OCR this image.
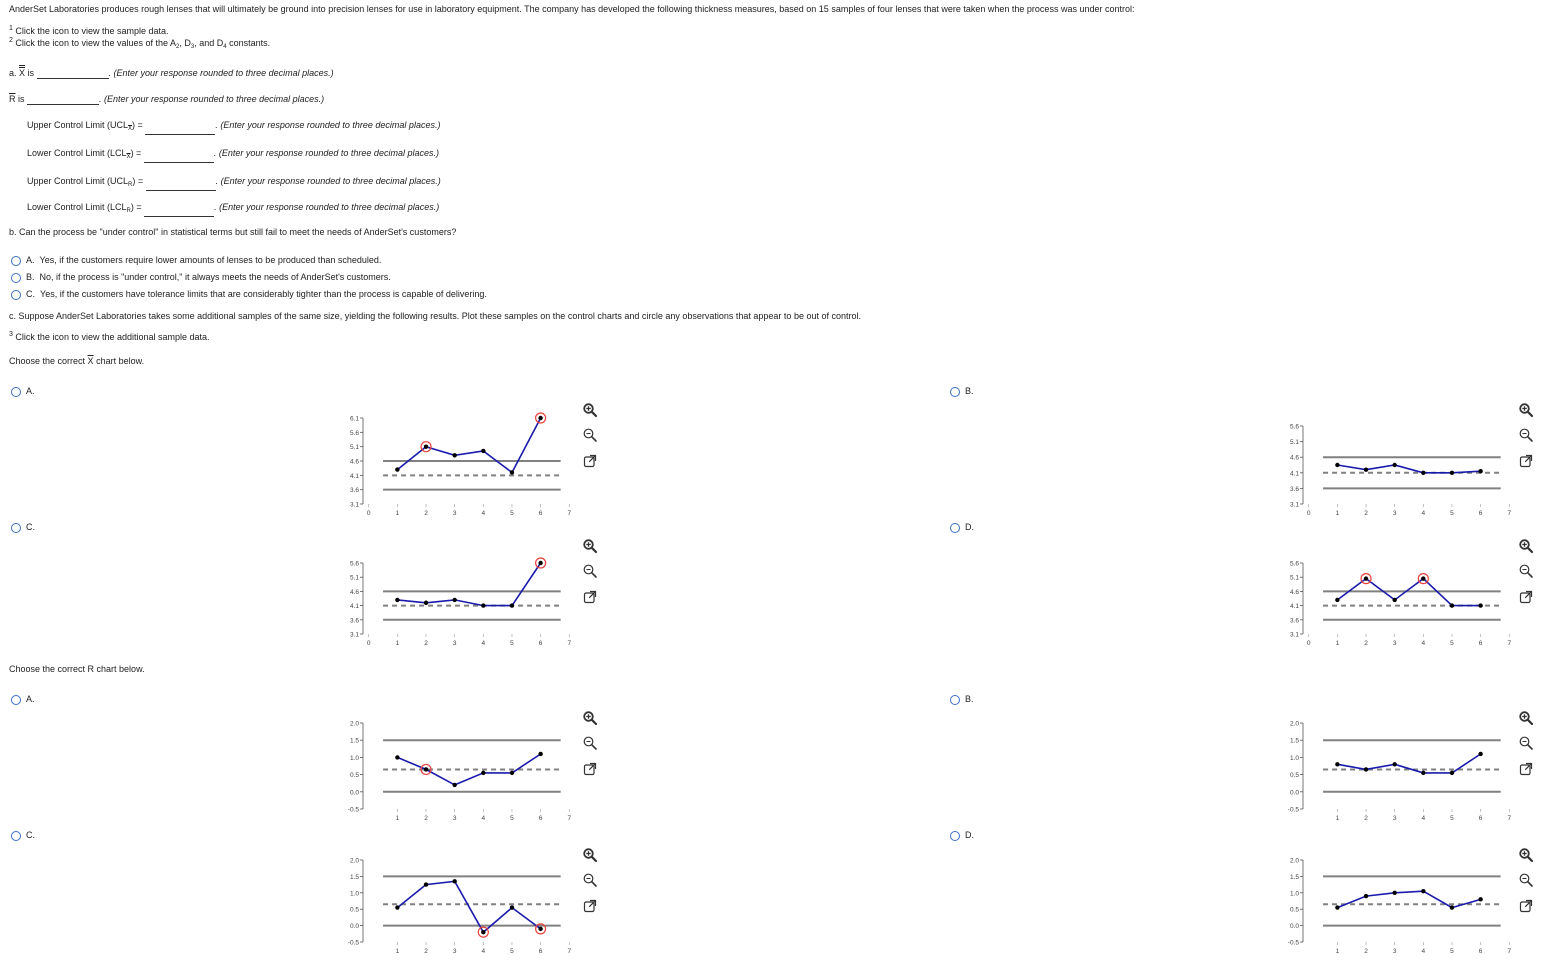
AnderSet Laboratories produces rough lenses that will ultimately be ground into precision lenses for use in laboratory equipment. The company has developed the following thickness measures, based on 15 samples of four lenses that were taken when the process was under control:
$^1$ Click the icon to view the sample data.
$^2$ Click the icon to view the values of the $A_2$, $D_3$, and $D_4$ constants.
a. X is	. (Enter your response rounded to three decimal places.)
$\overline{R}$ is	. (Enter your response rounded to three decimal places.)
Upper Control Limit $(UCL_{\overline{X}})$ =	. (Enter your response rounded to three decimal places.)
Lower Control Limit $(LCL_{\overline{X}})$ =	. (Enter your response rounded to three decimal places.)
Upper Control Limit $(UCL_R)$ =	. (Enter your response rounded to three decimal places.)
Lower Control Limit $(LCL_R)$ =	. (Enter your response rounded to three decimal places.)
b. Can the process be "under control" in statistical terms but still fail to meet the needs of AnderSet's customers?
A. Yes, if the customers require lower amounts of lenses to be produced than scheduled.
B. No, if the process is "under control," it always meets the needs of AnderSet's customers.
C. Yes, if the customers have tolerance limits that are considerably tighter than the process is capable of delivering.
c. Suppose AnderSet Laboratories takes some additional samples of the same size, yielding the following results. Plot these samples on the control charts and circle any observations that appear to be out of control.
$^3$ Click the icon to view the additional sample data.
Choose the correct $\overline{X}$ chart below.
Choose the correct R chart below.
A.	B.
C.	D.
A.	B.
C.	D.
6.1
5.6
5.1
4.6
4.1
3.6
3.1
0	1	2	3	4	5	6	7
5.6
5.1
4.6
4.1
3.6
3.1
0	1	2	3	4	5	6	7
5.6
5.1
4.6
4.1
3.6
3.1
0	1	2	3	4	5	6	7
5.6
5.1
4.6
4.1
3.6
3.1
0	1	2	3	4	5	6	7
2.0
1.5
1.0
0.5
0.0
-0.5
1	2	3	4	5	6	7
2.0
1.5
1.0
0.5
0.0
-0.5
1	2	3	4	5	6	7
2.0
1.5
1.0
0.5
0.0
-0.5
1	2	3	4	5	6	7
2.0
1.5
1.0
0.5
0.0
-0.5
1	2	3	4	5	6	7
